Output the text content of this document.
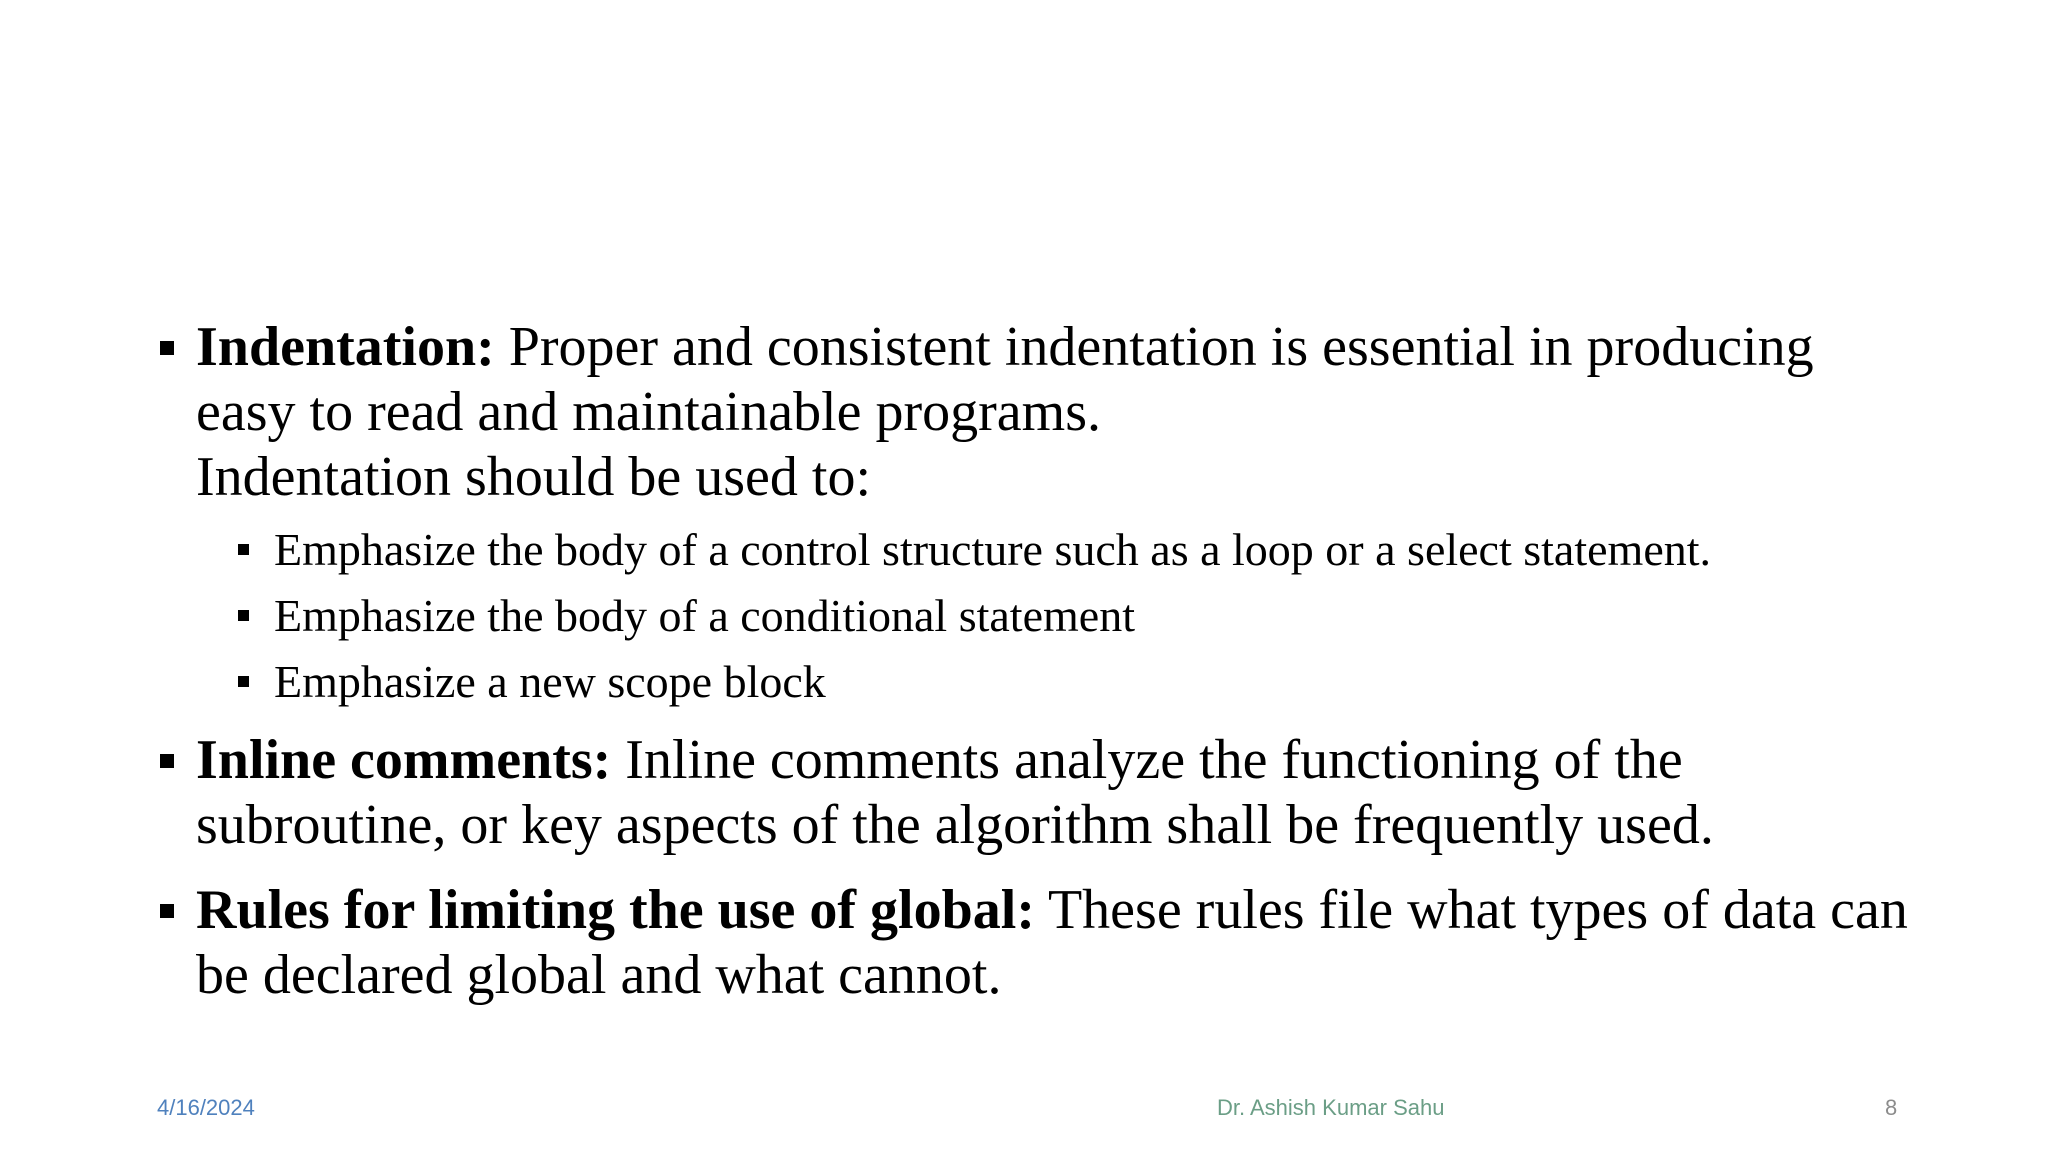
Indentation: Proper and consistent indentation is essential in producing easy to read and maintainable programs.
Indentation should be used to:
Emphasize the body of a control structure such as a loop or a select statement.
Emphasize the body of a conditional statement
Emphasize a new scope block
Inline comments: Inline comments analyze the functioning of the subroutine, or key aspects of the algorithm shall be frequently used.
Rules for limiting the use of global: These rules file what types of data can be declared global and what cannot.
4/16/2024	Dr. Ashish Kumar Sahu	8
